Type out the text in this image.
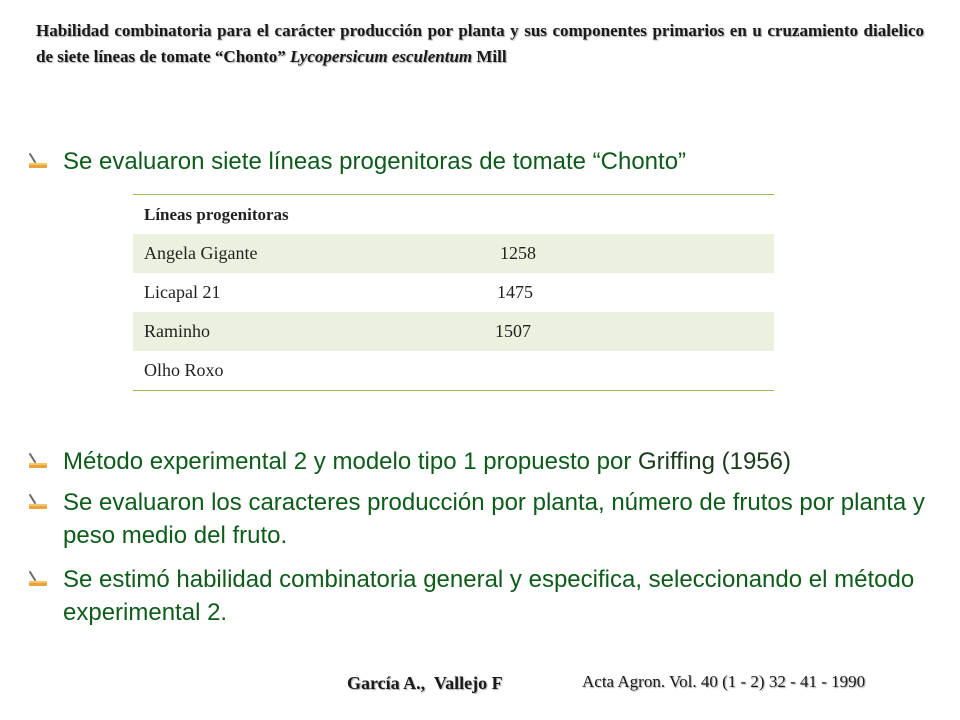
Habilidad combinatoria para el carácter producción por planta y sus componentes primarios en u cruzamiento dialelico de siete líneas de tomate “Chonto” Lycopersicum esculentum Mill
Se evaluaron siete líneas progenitoras de tomate “Chonto”
Líneas progenitoras
Angela Gigante	1258
Licapal 21	1475
Raminho	1507
Olho Roxo
Método experimental 2 y modelo tipo 1 propuesto por Griffing (1956)
Se evaluaron los caracteres producción por planta, número de frutos por planta y peso medio del fruto.
Se estimó habilidad combinatoria general y especifica, seleccionando el método experimental 2.
García A.,  Vallejo F	Acta Agron. Vol. 40 (1 - 2) 32 - 41 - 1990
